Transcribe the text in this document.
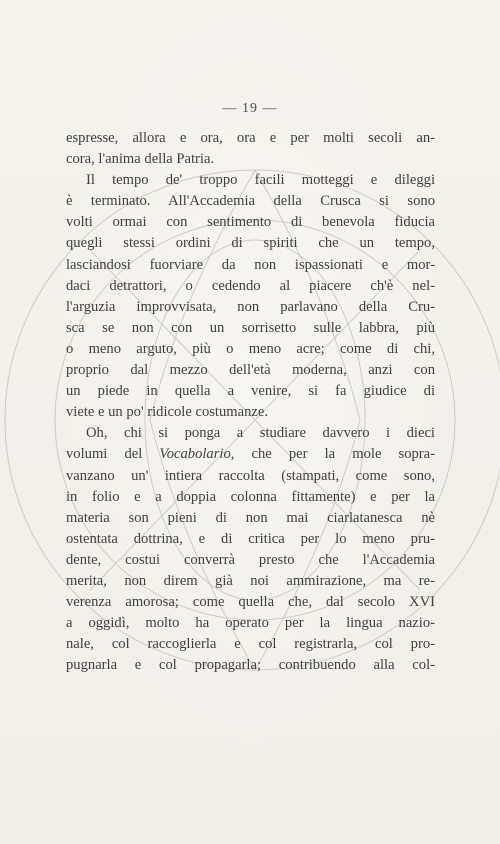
— 19 —
espresse, allora e ora, ora e per molti secoli an-
cora, l'anima della Patria.
Il tempo de' troppo facili motteggi e dileggi
è terminato. All'Accademia della Crusca si sono
volti ormai con sentimento di benevola fiducia
quegli stessi ordini di spiriti che un tempo,
lasciandosi fuorviare da non ispassionati e mor-
daci detrattori, o cedendo al piacere ch'è nel-
l'arguzia improvvisata, non parlavano della Cru-
sca se non con un sorrisetto sulle labbra, più
o meno arguto, più o meno acre; come di chi,
proprio dal mezzo dell'età moderna, anzi con
un piede in quella a venire, si fa giudice di
viete e un po' ridicole costumanze.
Oh, chi si ponga a studiare davvero i dieci
volumi del Vocabolario, che per la mole sopra-
vanzano un' intiera raccolta (stampati, come sono,
in folio e a doppia colonna fittamente) e per la
materia son pieni di non mai ciarlatanesca nè
ostentata dottrina, e di critica per lo meno pru-
dente, costui converrà presto che l'Accademia
merita, non direm già noi ammirazione, ma re-
verenza amorosa; come quella che, dal secolo XVI
a oggidì, molto ha operato per la lingua nazio-
nale, col raccoglierla e col registrarla, col pro-
pugnarla e col propagarla; contribuendo alla col-
